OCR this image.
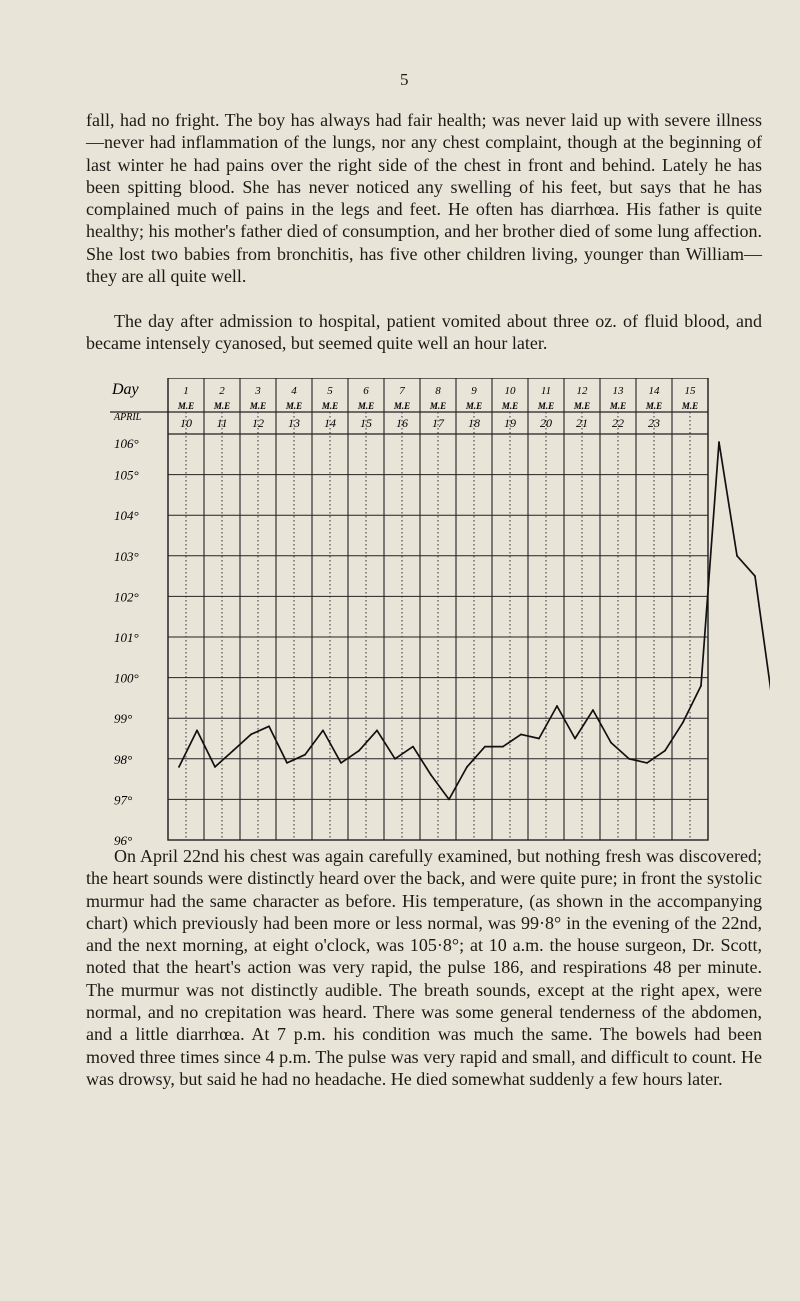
5

fall, had no fright. The boy has always had fair health; was never laid up with severe illness—never had inflammation of the lungs, nor any chest complaint, though at the beginning of last winter he had pains over the right side of the chest in front and behind. Lately he has been spitting blood. She has never noticed any swelling of his feet, but says that he has complained much of pains in the legs and feet. He often has diarrhœa. His father is quite healthy; his mother's father died of consumption, and her brother died of some lung affection. She lost two babies from bronchitis, has five other children living, younger than William—they are all quite well.

The day after admission to hospital, patient vomited about three oz. of fluid blood, and became intensely cyanosed, but seemed quite well an hour later.

Day
APRIL
1
M.E
2
M.E
3
M.E
4
M.E
5
M.E
6
M.E
7
M.E
8
M.E
9
M.E
10
M.E
11
M.E
12
M.E
13
M.E
14
M.E
15
M.E
10 11 12 13 14 15 16 17 18 19 20 21 22 23
106°
105°
104°
103°
102°
101°
100°
99°
98°
97°
96°

On April 22nd his chest was again carefully examined, but nothing fresh was discovered; the heart sounds were distinctly heard over the back, and were quite pure; in front the systolic murmur had the same character as before. His temperature, (as shown in the accompanying chart) which previously had been more or less normal, was 99·8° in the evening of the 22nd, and the next morning, at eight o'clock, was 105·8°; at 10 a.m. the house surgeon, Dr. Scott, noted that the heart's action was very rapid, the pulse 186, and respirations 48 per minute. The murmur was not distinctly audible. The breath sounds, except at the right apex, were normal, and no crepitation was heard. There was some general tenderness of the abdomen, and a little diarrhœa. At 7 p.m. his condition was much the same. The bowels had been moved three times since 4 p.m. The pulse was very rapid and small, and difficult to count. He was drowsy, but said he had no headache. He died somewhat suddenly a few hours later.
